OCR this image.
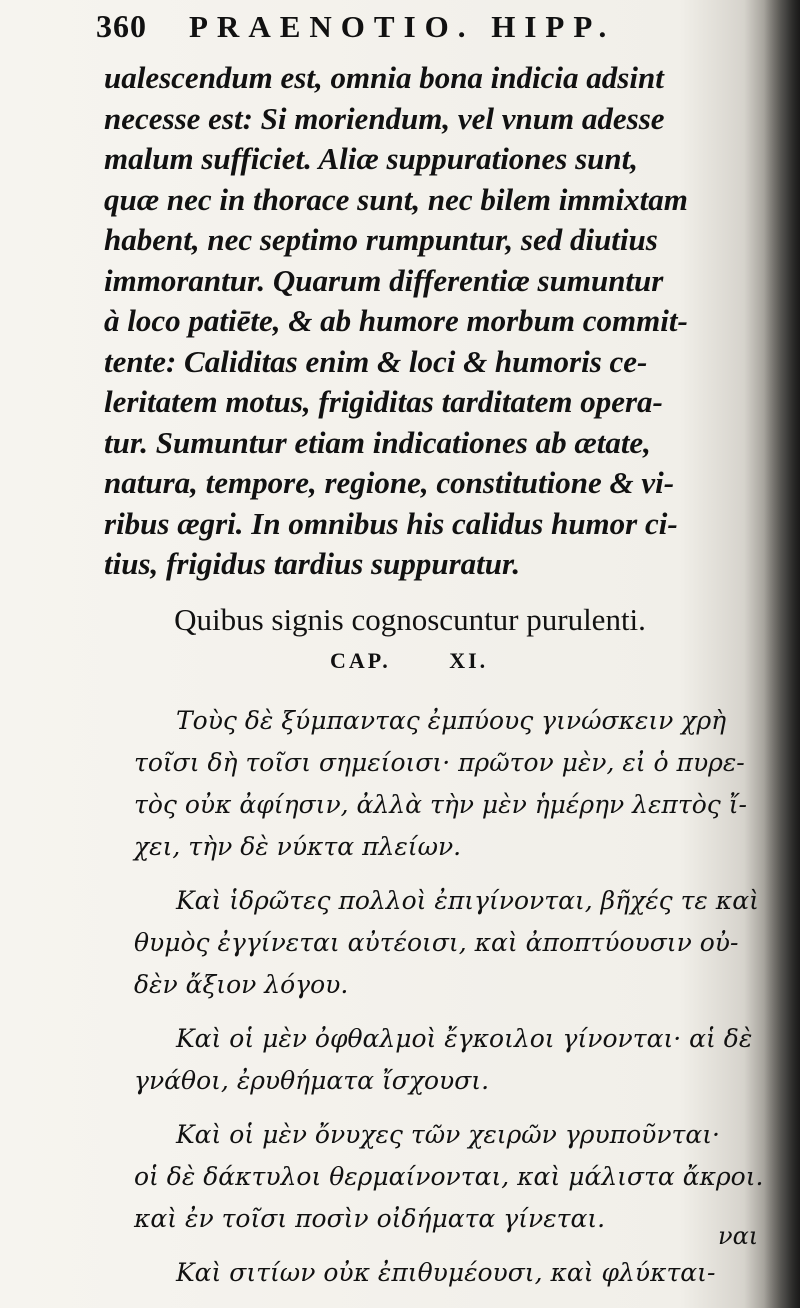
360 PRAENOTIO. HIPP.
ualescendum est, omnia bona indicia adsint
necesse est: Si moriendum, vel vnum adesse
malum sufficiet. Aliæ suppurationes sunt,
quæ nec in thorace sunt, nec bilem immixtam
habent, nec septimo rumpuntur, sed diutius
immorantur. Quarum differentiæ sumuntur
à loco patiēte, & ab humore morbum commit-
tente: Caliditas enim & loci & humoris ce-
leritatem motus, frigiditas tarditatem opera-
tur. Sumuntur etiam indicationes ab ætate,
natura, tempore, regione, constitutione & vi-
ribus ægri. In omnibus his calidus humor ci-
tius, frigidus tardius suppuratur.
Quibus signis cognoscuntur purulenti.
CAP. XI.
Τοὺς δὲ ξύμπαντας ἐμπύους γινώσκειν χρὴ
τοῖσι δὴ τοῖσι σημείοισι· πρῶτον μὲν, εἰ ὁ πυρε-
τὸς οὐκ ἀφίησιν, ἀλλὰ τὴν μὲν ἡμέρην λεπτὸς ἴ-
χει, τὴν δὲ νύκτα πλείων.
Καὶ ἱδρῶτες πολλοὶ ἐπιγίνονται, βῆχές τε καὶ
θυμὸς ἐγγίνεται αὐτέοισι, καὶ ἀποπτύουσιν οὐ-
δὲν ἄξιον λόγου.
Καὶ οἱ μὲν ὀφθαλμοὶ ἔγκοιλοι γίνονται· αἱ δὲ
γνάθοι, ἐρυθήματα ἴσχουσι.
Καὶ οἱ μὲν ὄνυχες τῶν χειρῶν γρυποῦνται·
οἱ δὲ δάκτυλοι θερμαίνονται, καὶ μάλιστα ἄκροι.
καὶ ἐν τοῖσι ποσὶν οἰδήματα γίνεται.
Καὶ σιτίων οὐκ ἐπιθυμέουσι, καὶ φλύκται-
ναι
